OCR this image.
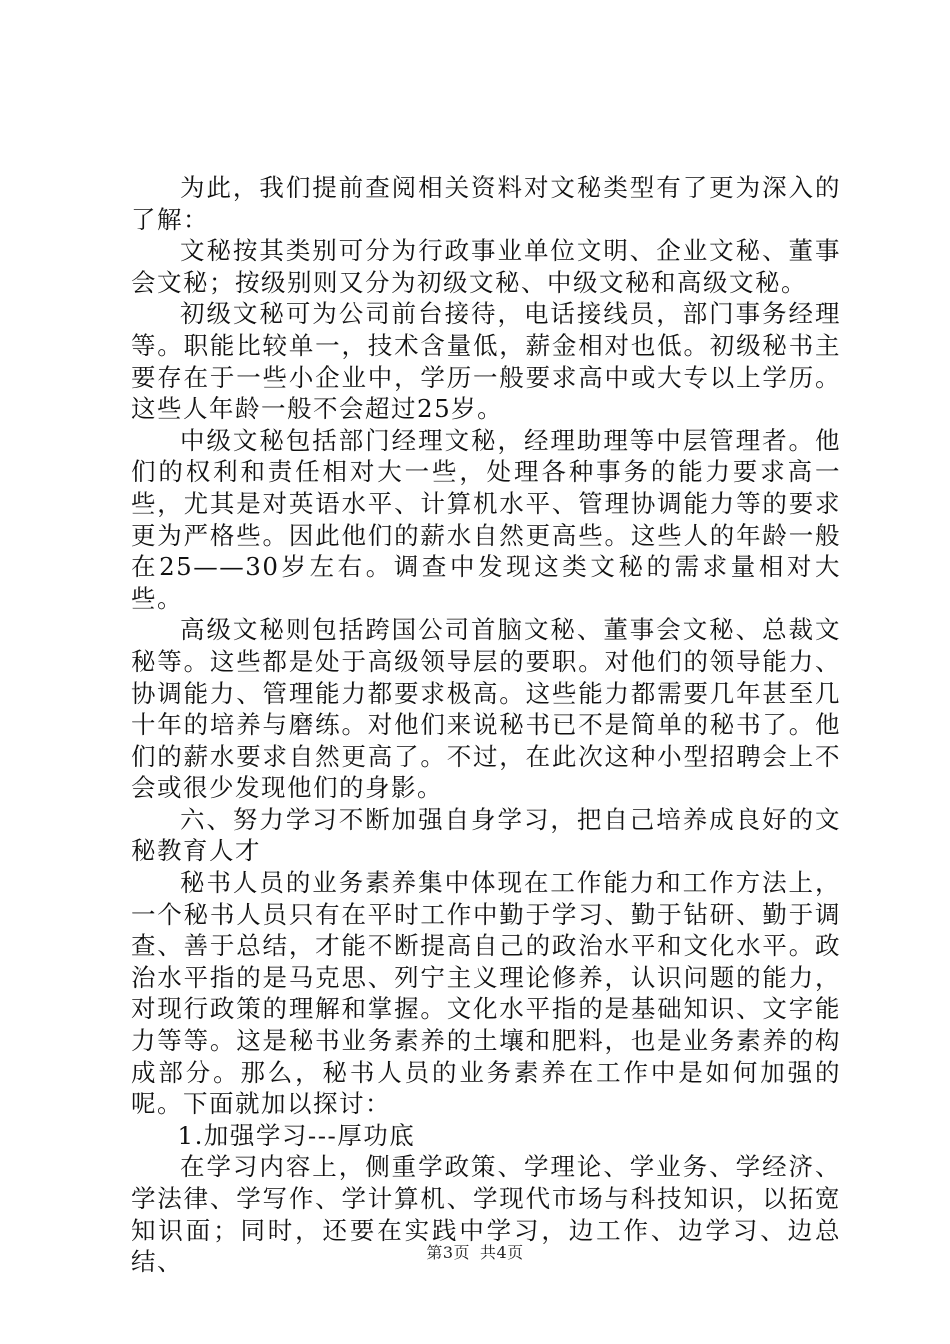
为此，我们提前查阅相关资料对文秘类型有了更为深入的了解：

文秘按其类别可分为行政事业单位文明、企业文秘、董事会文秘；按级别则又分为初级文秘、中级文秘和高级文秘。

初级文秘可为公司前台接待，电话接线员，部门事务经理等。职能比较单一，技术含量低，薪金相对也低。初级秘书主要存在于一些小企业中，学历一般要求高中或大专以上学历。这些人年龄一般不会超过25岁。

中级文秘包括部门经理文秘，经理助理等中层管理者。他们的权利和责任相对大一些，处理各种事务的能力要求高一些，尤其是对英语水平、计算机水平、管理协调能力等的要求更为严格些。因此他们的薪水自然更高些。这些人的年龄一般在25——30岁左右。调查中发现这类文秘的需求量相对大些。

高级文秘则包括跨国公司首脑文秘、董事会文秘、总裁文秘等。这些都是处于高级领导层的要职。对他们的领导能力、协调能力、管理能力都要求极高。这些能力都需要几年甚至几十年的培养与磨练。对他们来说秘书已不是简单的秘书了。他们的薪水要求自然更高了。不过，在此次这种小型招聘会上不会或很少发现他们的身影。

六、努力学习不断加强自身学习，把自己培养成良好的文秘教育人才

秘书人员的业务素养集中体现在工作能力和工作方法上，一个秘书人员只有在平时工作中勤于学习、勤于钻研、勤于调查、善于总结，才能不断提高自己的政治水平和文化水平。政治水平指的是马克思、列宁主义理论修养，认识问题的能力，对现行政策的理解和掌握。文化水平指的是基础知识、文字能力等等。这是秘书业务素养的土壤和肥料，也是业务素养的构成部分。那么，秘书人员的业务素养在工作中是如何加强的呢。下面就加以探讨：

1.加强学习---厚功底

在学习内容上，侧重学政策、学理论、学业务、学经济、学法律、学写作、学计算机、学现代市场与科技知识，以拓宽知识面；同时，还要在实践中学习，边工作、边学习、边总结、	第3页 共4页
